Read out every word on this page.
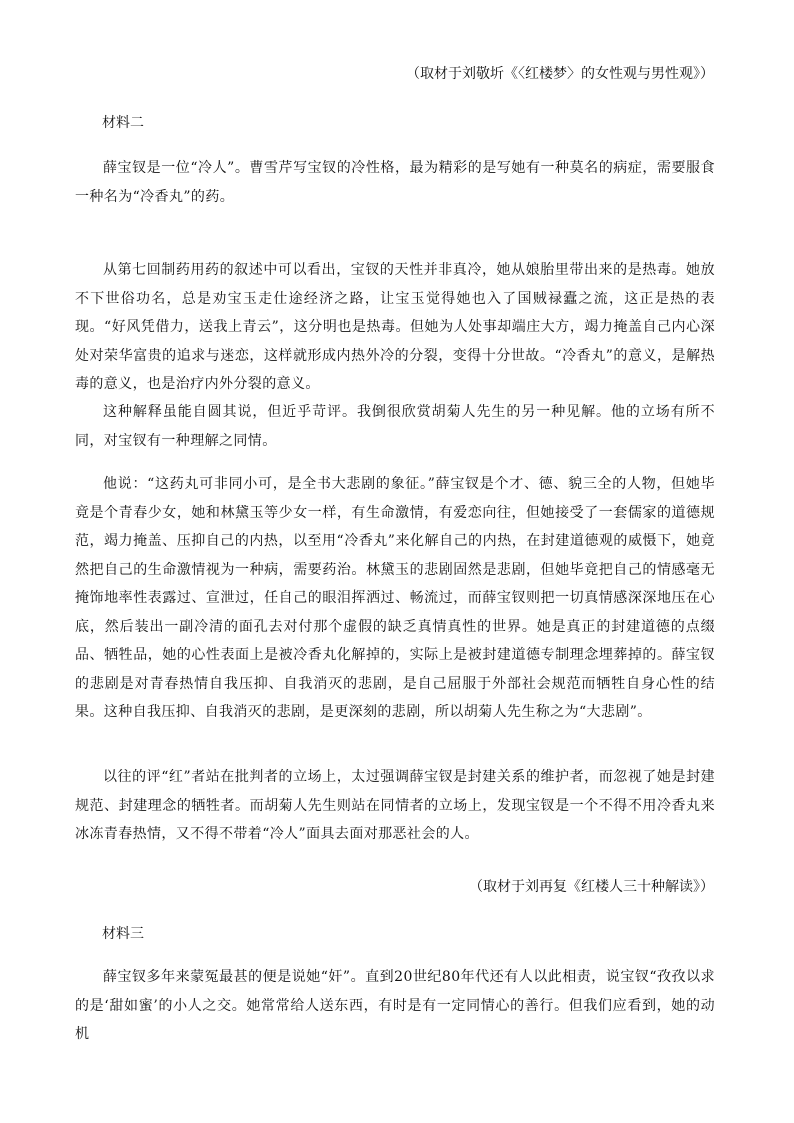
（取材于刘敬圻《〈红楼梦〉的女性观与男性观》）
材料二
薛宝钗是一位“冷人”。曹雪芹写宝钗的冷性格，最为精彩的是写她有一种莫名的病症，需要服食一种名为“冷香丸”的药。
从第七回制药用药的叙述中可以看出，宝钗的天性并非真冷，她从娘胎里带出来的是热毒。她放不下世俗功名，总是劝宝玉走仕途经济之路，让宝玉觉得她也入了国贼禄蠹之流，这正是热的表现。“好风凭借力，送我上青云”，这分明也是热毒。但她为人处事却端庄大方，竭力掩盖自己内心深处对荣华富贵的追求与迷恋，这样就形成内热外冷的分裂，变得十分世故。“冷香丸”的意义，是解热毒的意义，也是治疗内外分裂的意义。
这种解释虽能自圆其说，但近乎苛评。我倒很欣赏胡菊人先生的另一种见解。他的立场有所不同，对宝钗有一种理解之同情。
他说：“这药丸可非同小可，是全书大悲剧的象征。”薛宝钗是个才、德、貌三全的人物，但她毕竟是个青春少女，她和林黛玉等少女一样，有生命激情，有爱恋向往，但她接受了一套儒家的道德规范，竭力掩盖、压抑自己的内热，以至用“冷香丸”来化解自己的内热，在封建道德观的威慑下，她竟然把自己的生命激情视为一种病，需要药治。林黛玉的悲剧固然是悲剧，但她毕竟把自己的情感毫无掩饰地率性表露过、宣泄过，任自己的眼泪挥洒过、畅流过，而薛宝钗则把一切真情感深深地压在心底，然后装出一副冷清的面孔去对付那个虚假的缺乏真情真性的世界。她是真正的封建道德的点缀品、牺牲品，她的心性表面上是被冷香丸化解掉的，实际上是被封建道德专制理念埋葬掉的。薛宝钗的悲剧是对青春热情自我压抑、自我消灭的悲剧，是自己屈服于外部社会规范而牺牲自身心性的结果。这种自我压抑、自我消灭的悲剧，是更深刻的悲剧，所以胡菊人先生称之为“大悲剧”。
以往的评“红”者站在批判者的立场上，太过强调薛宝钗是封建关系的维护者，而忽视了她是封建规范、封建理念的牺牲者。而胡菊人先生则站在同情者的立场上，发现宝钗是一个不得不用冷香丸来冰冻青春热情，又不得不带着“冷人”面具去面对那恶社会的人。
（取材于刘再复《红楼人三十种解读》）
材料三
薛宝钗多年来蒙冤最甚的便是说她“奸”。直到20世纪80年代还有人以此相责，说宝钗“孜孜以求的是‘甜如蜜’的小人之交。她常常给人送东西，有时是有一定同情心的善行。但我们应看到，她的动机
